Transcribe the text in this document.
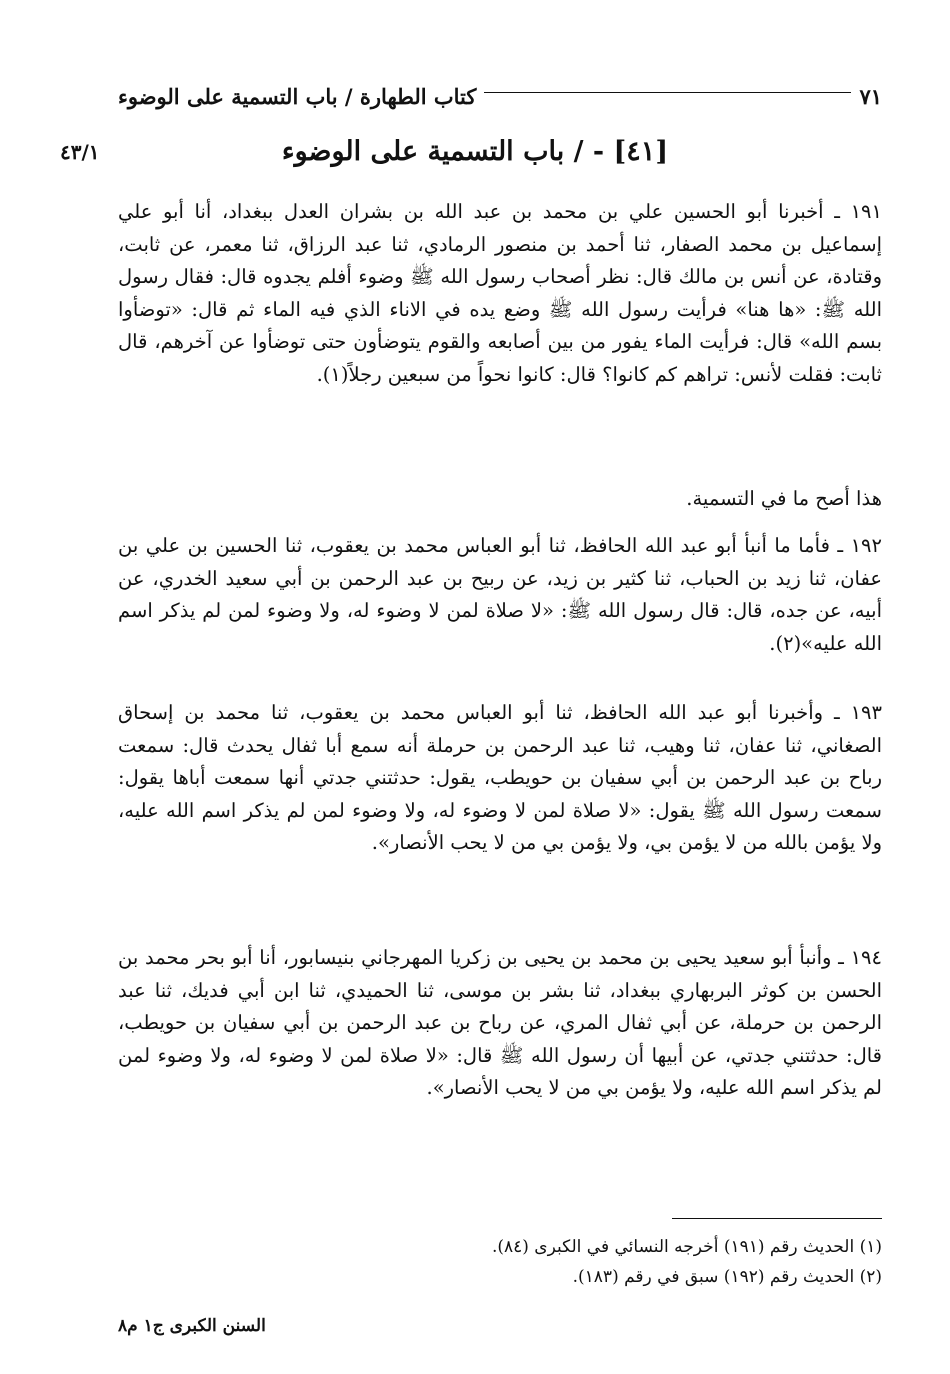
كتاب الطهارة / باب التسمية على الوضوء	٧١
٤٣/١	[٤١] - / باب التسمية على الوضوء

١٩١ ـ أخبرنا أبو الحسين علي بن محمد بن عبد الله بن بشران العدل ببغداد، أنا أبو علي إسماعيل بن محمد الصفار، ثنا أحمد بن منصور الرمادي، ثنا عبد الرزاق، ثنا معمر، عن ثابت، وقتادة، عن أنس بن مالك قال: نظر أصحاب رسول الله ﷺ وضوء أفلم يجدوه قال: فقال رسول الله ﷺ: «ها هنا» فرأيت رسول الله ﷺ وضع يده في الاناء الذي فيه الماء ثم قال: «توضأوا بسم الله» قال: فرأيت الماء يفور من بين أصابعه والقوم يتوضأون حتى توضأوا عن آخرهم، قال ثابت: فقلت لأنس: تراهم كم كانوا؟ قال: كانوا نحواً من سبعين رجلاً(١).

هذا أصح ما في التسمية.

١٩٢ ـ فأما ما أنبأ أبو عبد الله الحافظ، ثنا أبو العباس محمد بن يعقوب، ثنا الحسين بن علي بن عفان، ثنا زيد بن الحباب، ثنا كثير بن زيد، عن ربيح بن عبد الرحمن بن أبي سعيد الخدري، عن أبيه، عن جده، قال: قال رسول الله ﷺ: «لا صلاة لمن لا وضوء له، ولا وضوء لمن لم يذكر اسم الله عليه»(٢).

١٩٣ ـ وأخبرنا أبو عبد الله الحافظ، ثنا أبو العباس محمد بن يعقوب، ثنا محمد بن إسحاق الصغاني، ثنا عفان، ثنا وهيب، ثنا عبد الرحمن بن حرملة أنه سمع أبا ثفال يحدث قال: سمعت رباح بن عبد الرحمن بن أبي سفيان بن حويطب، يقول: حدثتني جدتي أنها سمعت أباها يقول: سمعت رسول الله ﷺ يقول: «لا صلاة لمن لا وضوء له، ولا وضوء لمن لم يذكر اسم الله عليه، ولا يؤمن بالله من لا يؤمن بي، ولا يؤمن بي من لا يحب الأنصار».

١٩٤ ـ وأنبأ أبو سعيد يحيى بن محمد بن يحيى بن زكريا المهرجاني بنيسابور، أنا أبو بحر محمد بن الحسن بن كوثر البربهاري ببغداد، ثنا بشر بن موسى، ثنا الحميدي، ثنا ابن أبي فديك، ثنا عبد الرحمن بن حرملة، عن أبي ثفال المري، عن رباح بن عبد الرحمن بن أبي سفيان بن حويطب، قال: حدثتني جدتي، عن أبيها أن رسول الله ﷺ قال: «لا صلاة لمن لا وضوء له، ولا وضوء لمن لم يذكر اسم الله عليه، ولا يؤمن بي من لا يحب الأنصار».

(١) الحديث رقم (١٩١) أخرجه النسائي في الكبرى (٨٤).

(٢) الحديث رقم (١٩٢) سبق في رقم (١٨٣).

السنن الكبرى ج١ م٨
